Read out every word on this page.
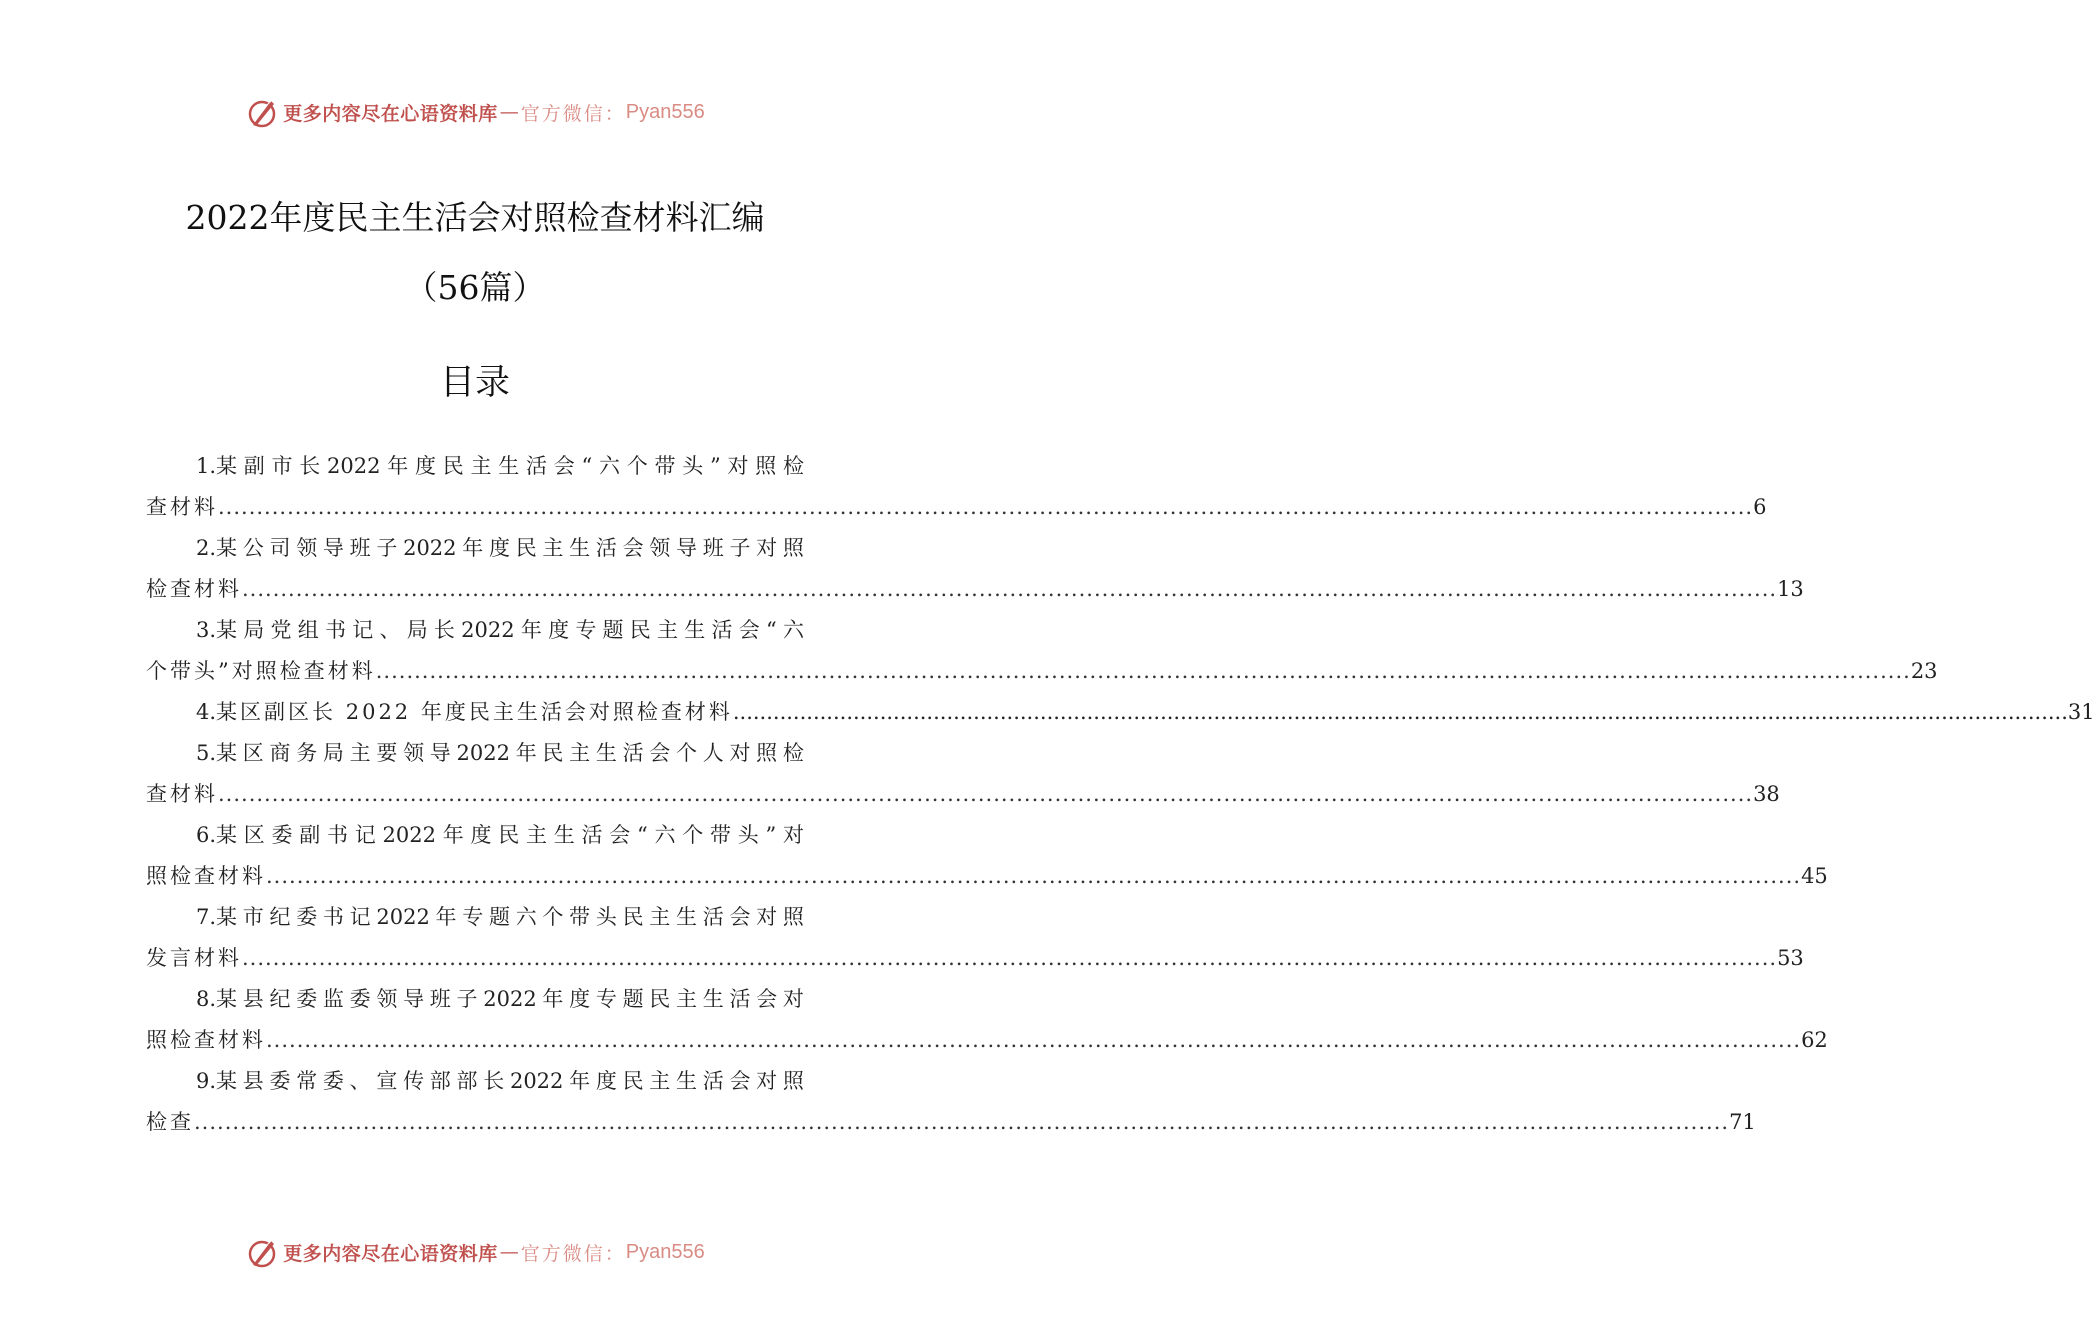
更多内容尽在心语资料库 — 官方微信： Pyan556
2022年度民主生活会对照检查材料汇编
（56篇）
目录
1.某 副 市 长 2022 年 度 民 主 生 活 会 “ 六 个 带 头 ” 对 照 检
查材料 ........................................................................................................................................................................................................ 6
2.某 公 司 领 导 班 子 2022 年 度 民 主 生 活 会 领 导 班 子 对 照
检查材料 ........................................................................................................................................................................................................ 13
3.某 局 党 组 书 记 、 局 长 2022 年 度 专 题 民 主 生 活 会 “ 六
个带头”对照检查材料 ........................................................................................................................................................................................................ 23
4. 某区副区长 2022 年度民主生活会对照检查材料 ........................................................................................................................................................................................................ 31
5.某 区 商 务 局 主 要 领 导 2022 年 民 主 生 活 会 个 人 对 照 检
查材料 ........................................................................................................................................................................................................ 38
6.某 区 委 副 书 记 2022 年 度 民 主 生 活 会 “ 六 个 带 头 ” 对
照检查材料 ........................................................................................................................................................................................................ 45
7.某 市 纪 委 书 记 2022 年 专 题 六 个 带 头 民 主 生 活 会 对 照
发言材料 ........................................................................................................................................................................................................ 53
8.某 县 纪 委 监 委 领 导 班 子 2022 年 度 专 题 民 主 生 活 会 对
照检查材料 ........................................................................................................................................................................................................ 62
9.某 县 委 常 委 、 宣 传 部 部 长 2022 年 度 民 主 生 活 会 对 照
检查 ........................................................................................................................................................................................................ 71
更多内容尽在心语资料库 — 官方微信： Pyan556
